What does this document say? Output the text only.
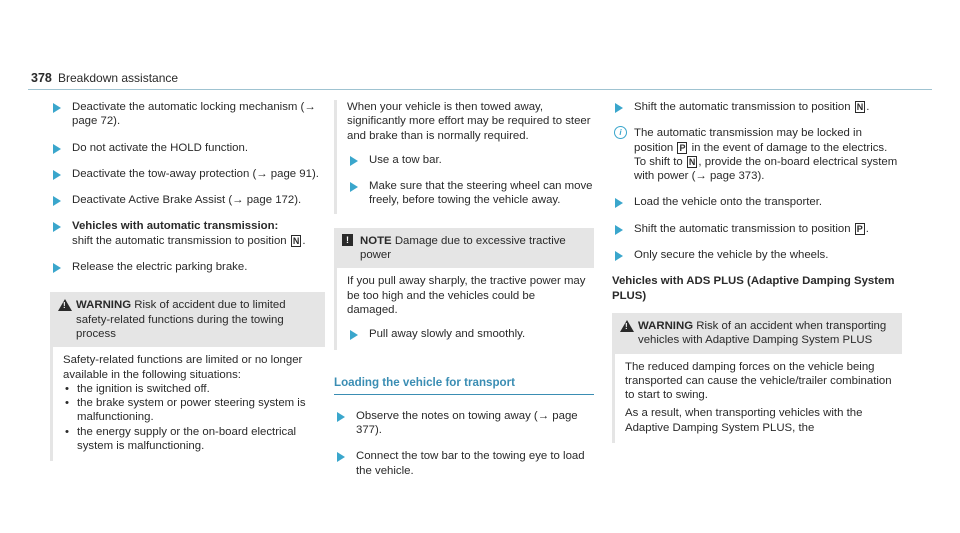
378 Breakdown assistance
Deactivate the automatic locking mechanism (→ page 72).
Do not activate the HOLD function.
Deactivate the tow-away protection (→ page 91).
Deactivate Active Brake Assist (→ page 172).
Vehicles with automatic transmission:
shift the automatic transmission to position N .
Release the electric parking brake.
!
WARNING Risk of accident due to limited safety-related functions during the towing process
Safety-related functions are limited or no longer available in the following situations:
• the ignition is switched off.
• the brake system or power steering system is malfunctioning.
• the energy supply or the on-board electrical system is malfunctioning.
When your vehicle is then towed away, significantly more effort may be required to steer and brake than is normally required.
Use a tow bar.
Make sure that the steering wheel can move freely, before towing the vehicle away.
! NOTE Damage due to excessive tractive power
If you pull away sharply, the tractive power may be too high and the vehicles could be damaged.
Pull away slowly and smoothly.
Loading the vehicle for transport
Observe the notes on towing away (→ page 377).
Connect the tow bar to the towing eye to load the vehicle.
Shift the automatic transmission to position N .
i	The automatic transmission may be locked in position P in the event of damage to the electrics. To shift to N , provide the on-board electrical system with power (→ page 373).
Load the vehicle onto the transporter.
Shift the automatic transmission to position P .
Only secure the vehicle by the wheels.
Vehicles with ADS PLUS (Adaptive Damping System PLUS)
!
WARNING Risk of an accident when transporting vehicles with Adaptive Damping System PLUS
The reduced damping forces on the vehicle being transported can cause the vehicle/trailer combination to start to swing.
As a result, when transporting vehicles with the Adaptive Damping System PLUS, the
